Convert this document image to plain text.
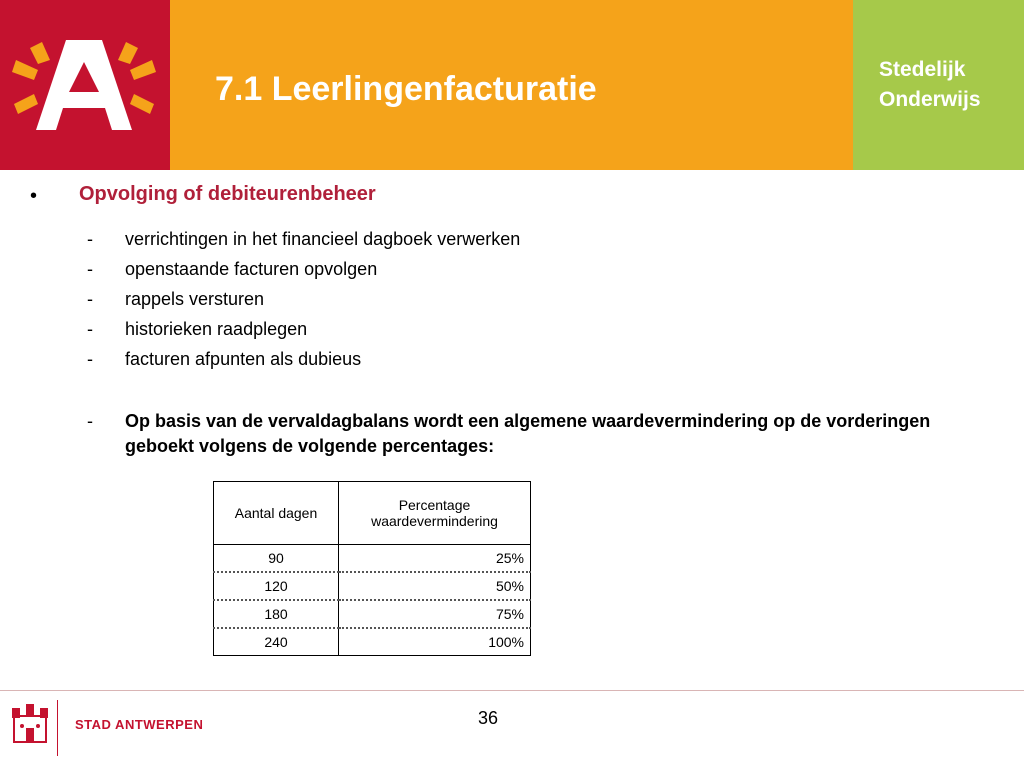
7.1 Leerlingenfacturatie
Stedelijk
Onderwijs
• Opvolging of debiteurenbeheer
- verrichtingen in het financieel dagboek verwerken
- openstaande facturen opvolgen
- rappels versturen
- historieken raadplegen
- facturen afpunten als dubieus
- Op basis van de vervaldagbalans wordt een algemene waardevermindering op de vorderingen geboekt volgens de volgende percentages:
Aantal dagen	Percentage waardevermindering
90	25%
120	50%
180	75%
240	100%
STAD ANTWERPEN	36
